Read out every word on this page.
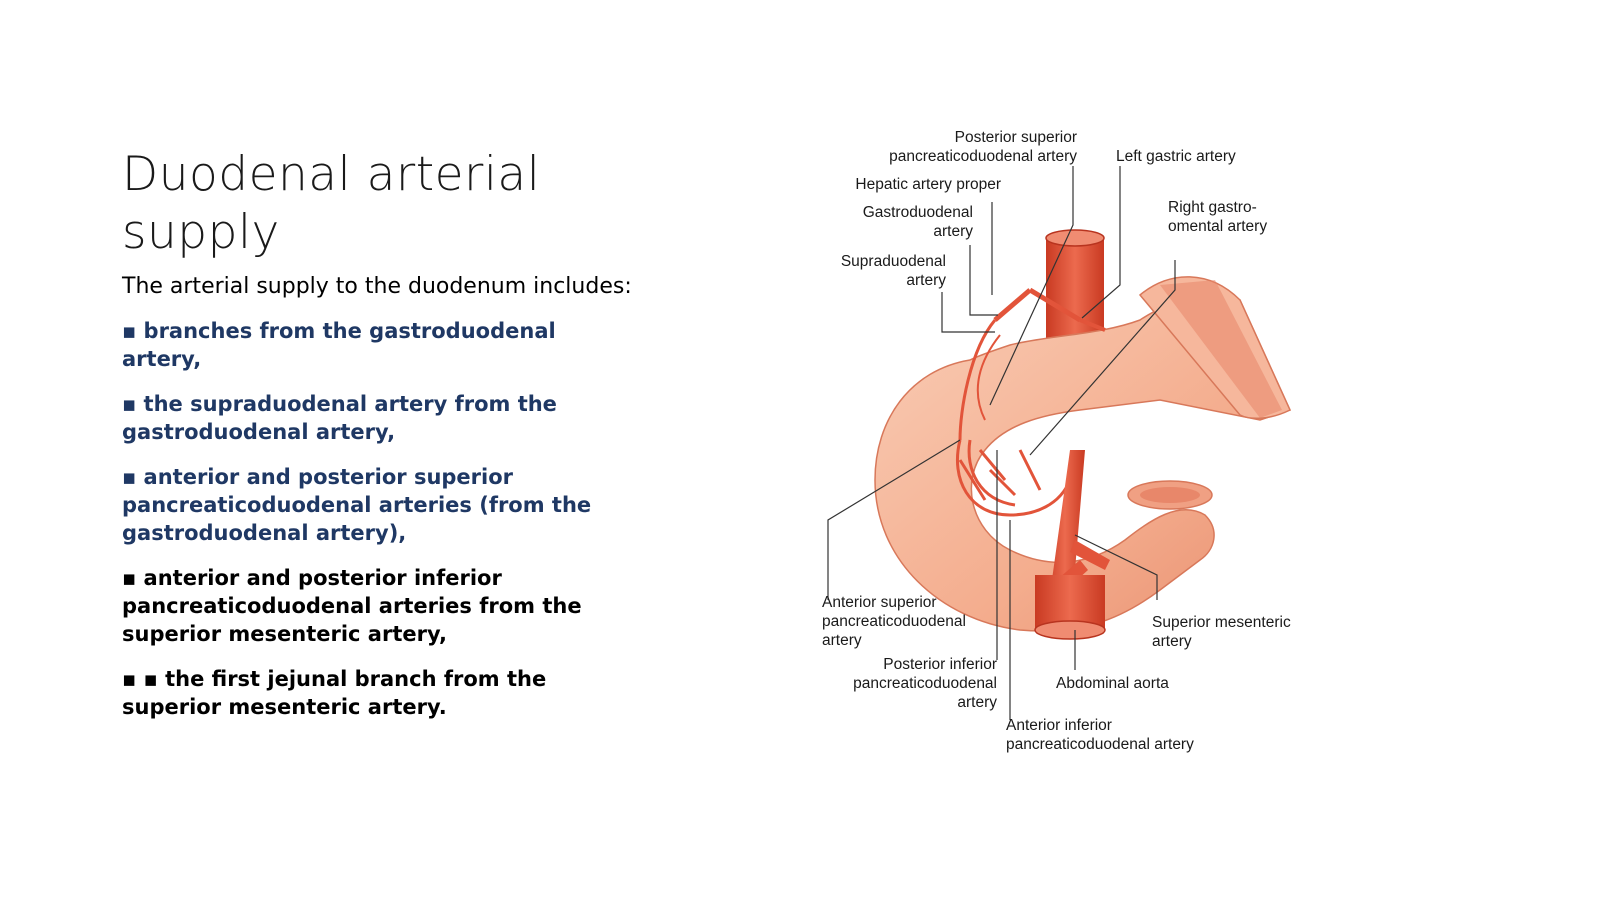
Duodenal arterial
supply

The arterial supply to the duodenum includes:

▪ branches from the gastroduodenal artery,

▪ the supraduodenal artery from the gastroduodenal artery,

▪ anterior and posterior superior pancreaticoduodenal arteries (from the gastroduodenal artery),

▪ anterior and posterior inferior pancreaticoduodenal arteries from the superior mesenteric artery,

▪ ▪ the first jejunal branch from the superior mesenteric artery.

Posterior superior
pancreaticoduodenal artery	Left gastric artery
Hepatic artery proper
Gastroduodenal
artery
Right gastro-
omental artery
Supraduodenal
artery
Anterior superior
pancreaticoduodenal
artery
Posterior inferior
pancreaticoduodenal
artery
Abdominal aorta
Superior mesenteric
artery
Anterior inferior
pancreaticoduodenal artery
